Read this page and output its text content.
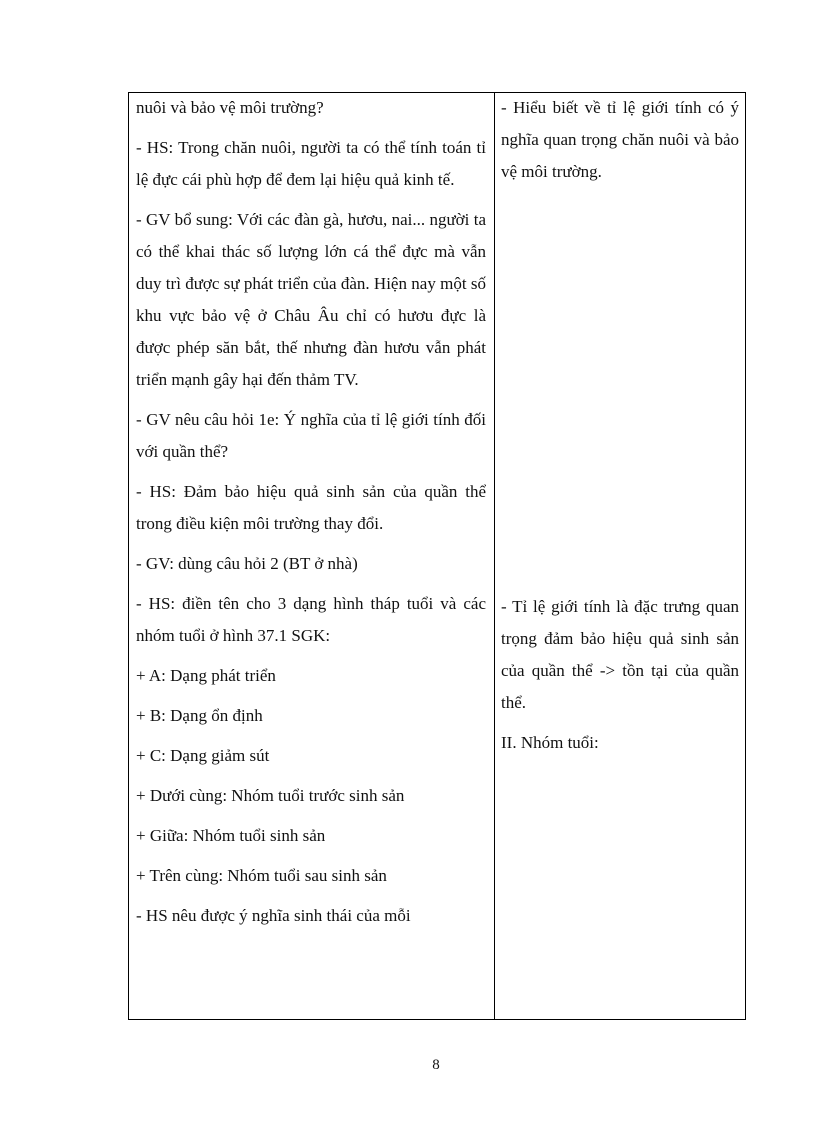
nuôi và bảo vệ môi trường?

- HS: Trong chăn nuôi, người ta có thể tính toán tỉ lệ đực cái phù hợp để đem lại hiệu quả kinh tế.

- GV bổ sung: Với các đàn gà, hươu, nai... người ta có thể khai thác số lượng lớn cá thể đực mà vẫn duy trì được sự phát triển của đàn. Hiện nay một số khu vực bảo vệ ở Châu Âu chỉ có hươu đực là được phép săn bắt, thế nhưng đàn hươu vẫn phát triển mạnh gây hại đến thảm TV.

- GV nêu câu hỏi 1e: Ý nghĩa của tỉ lệ giới tính đối với quần thể?

- HS: Đảm bảo hiệu quả sinh sản của quần thể trong điều kiện môi trường thay đổi.

- GV: dùng câu hỏi 2 (BT ở nhà)

- HS: điền tên cho 3 dạng hình tháp tuổi và các nhóm tuổi ở hình 37.1 SGK:

+ A: Dạng phát triển

+ B: Dạng ổn định

+ C: Dạng giảm sút

+ Dưới cùng: Nhóm tuổi trước sinh sản

+ Giữa: Nhóm tuổi sinh sản

+ Trên cùng: Nhóm tuổi sau sinh sản

- HS nêu được ý nghĩa sinh thái của mỗi

- Hiểu biết về tỉ lệ giới tính có ý nghĩa quan trọng chăn nuôi và bảo vệ môi trường.

- Tỉ lệ giới tính là đặc trưng quan trọng đảm bảo hiệu quả sinh sản của quần thể -> tồn tại của quần thể.

II. Nhóm tuổi:

8
